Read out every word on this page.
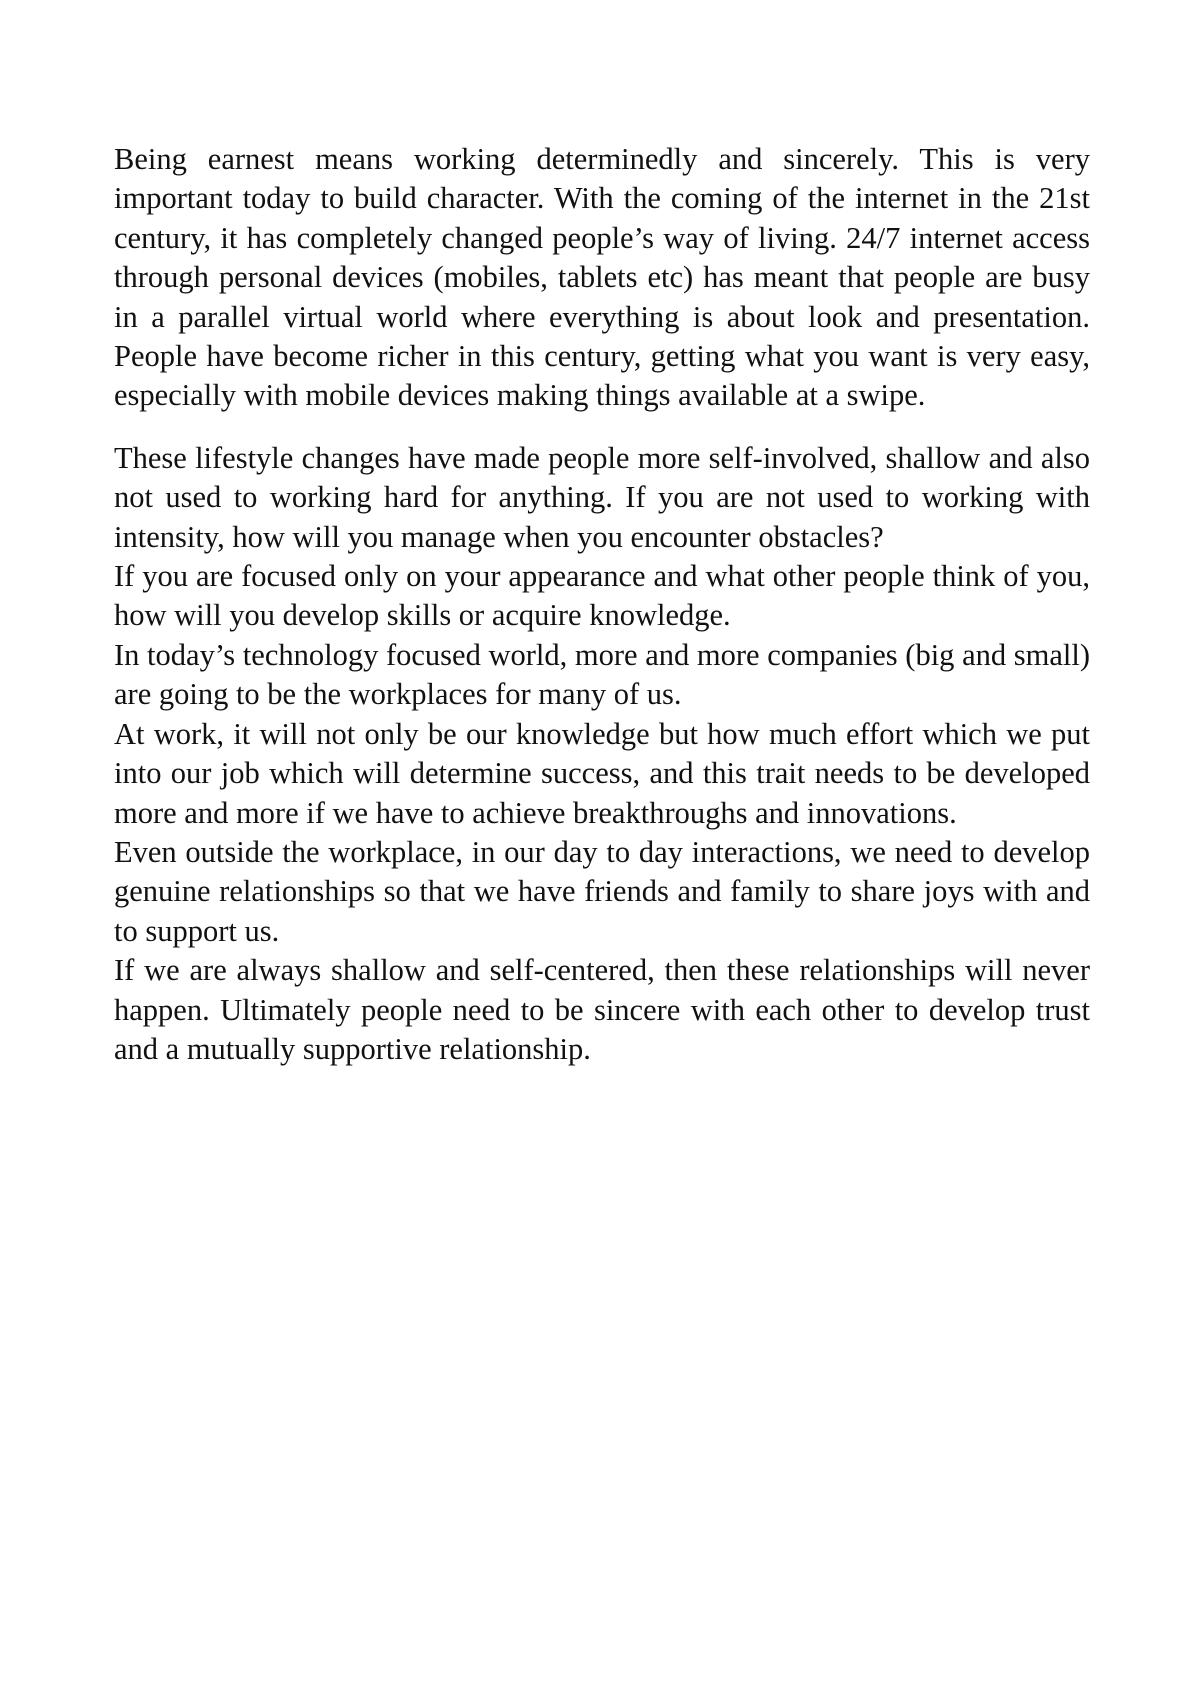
Being earnest means working determinedly and sincerely. This is very important today to build character. With the coming of the internet in the 21st century, it has completely changed people’s way of living. 24/7 internet access through personal devices (mobiles, tablets etc) has meant that people are busy in a parallel virtual world where everything is about look and presentation. People have become richer in this century, getting what you want is very easy, especially with mobile devices making things available at a swipe.

These lifestyle changes have made people more self-involved, shallow and also not used to working hard for anything. If you are not used to working with intensity, how will you manage when you encounter obstacles?

If you are focused only on your appearance and what other people think of you, how will you develop skills or acquire knowledge.

In today’s technology focused world, more and more companies (big and small) are going to be the workplaces for many of us.

At work, it will not only be our knowledge but how much effort which we put into our job which will determine success, and this trait needs to be developed more and more if we have to achieve breakthroughs and innovations.

Even outside the workplace, in our day to day interactions, we need to develop genuine relationships so that we have friends and family to share joys with and to support us.

If we are always shallow and self-centered, then these relationships will never happen. Ultimately people need to be sincere with each other to develop trust and a mutually supportive relationship.
